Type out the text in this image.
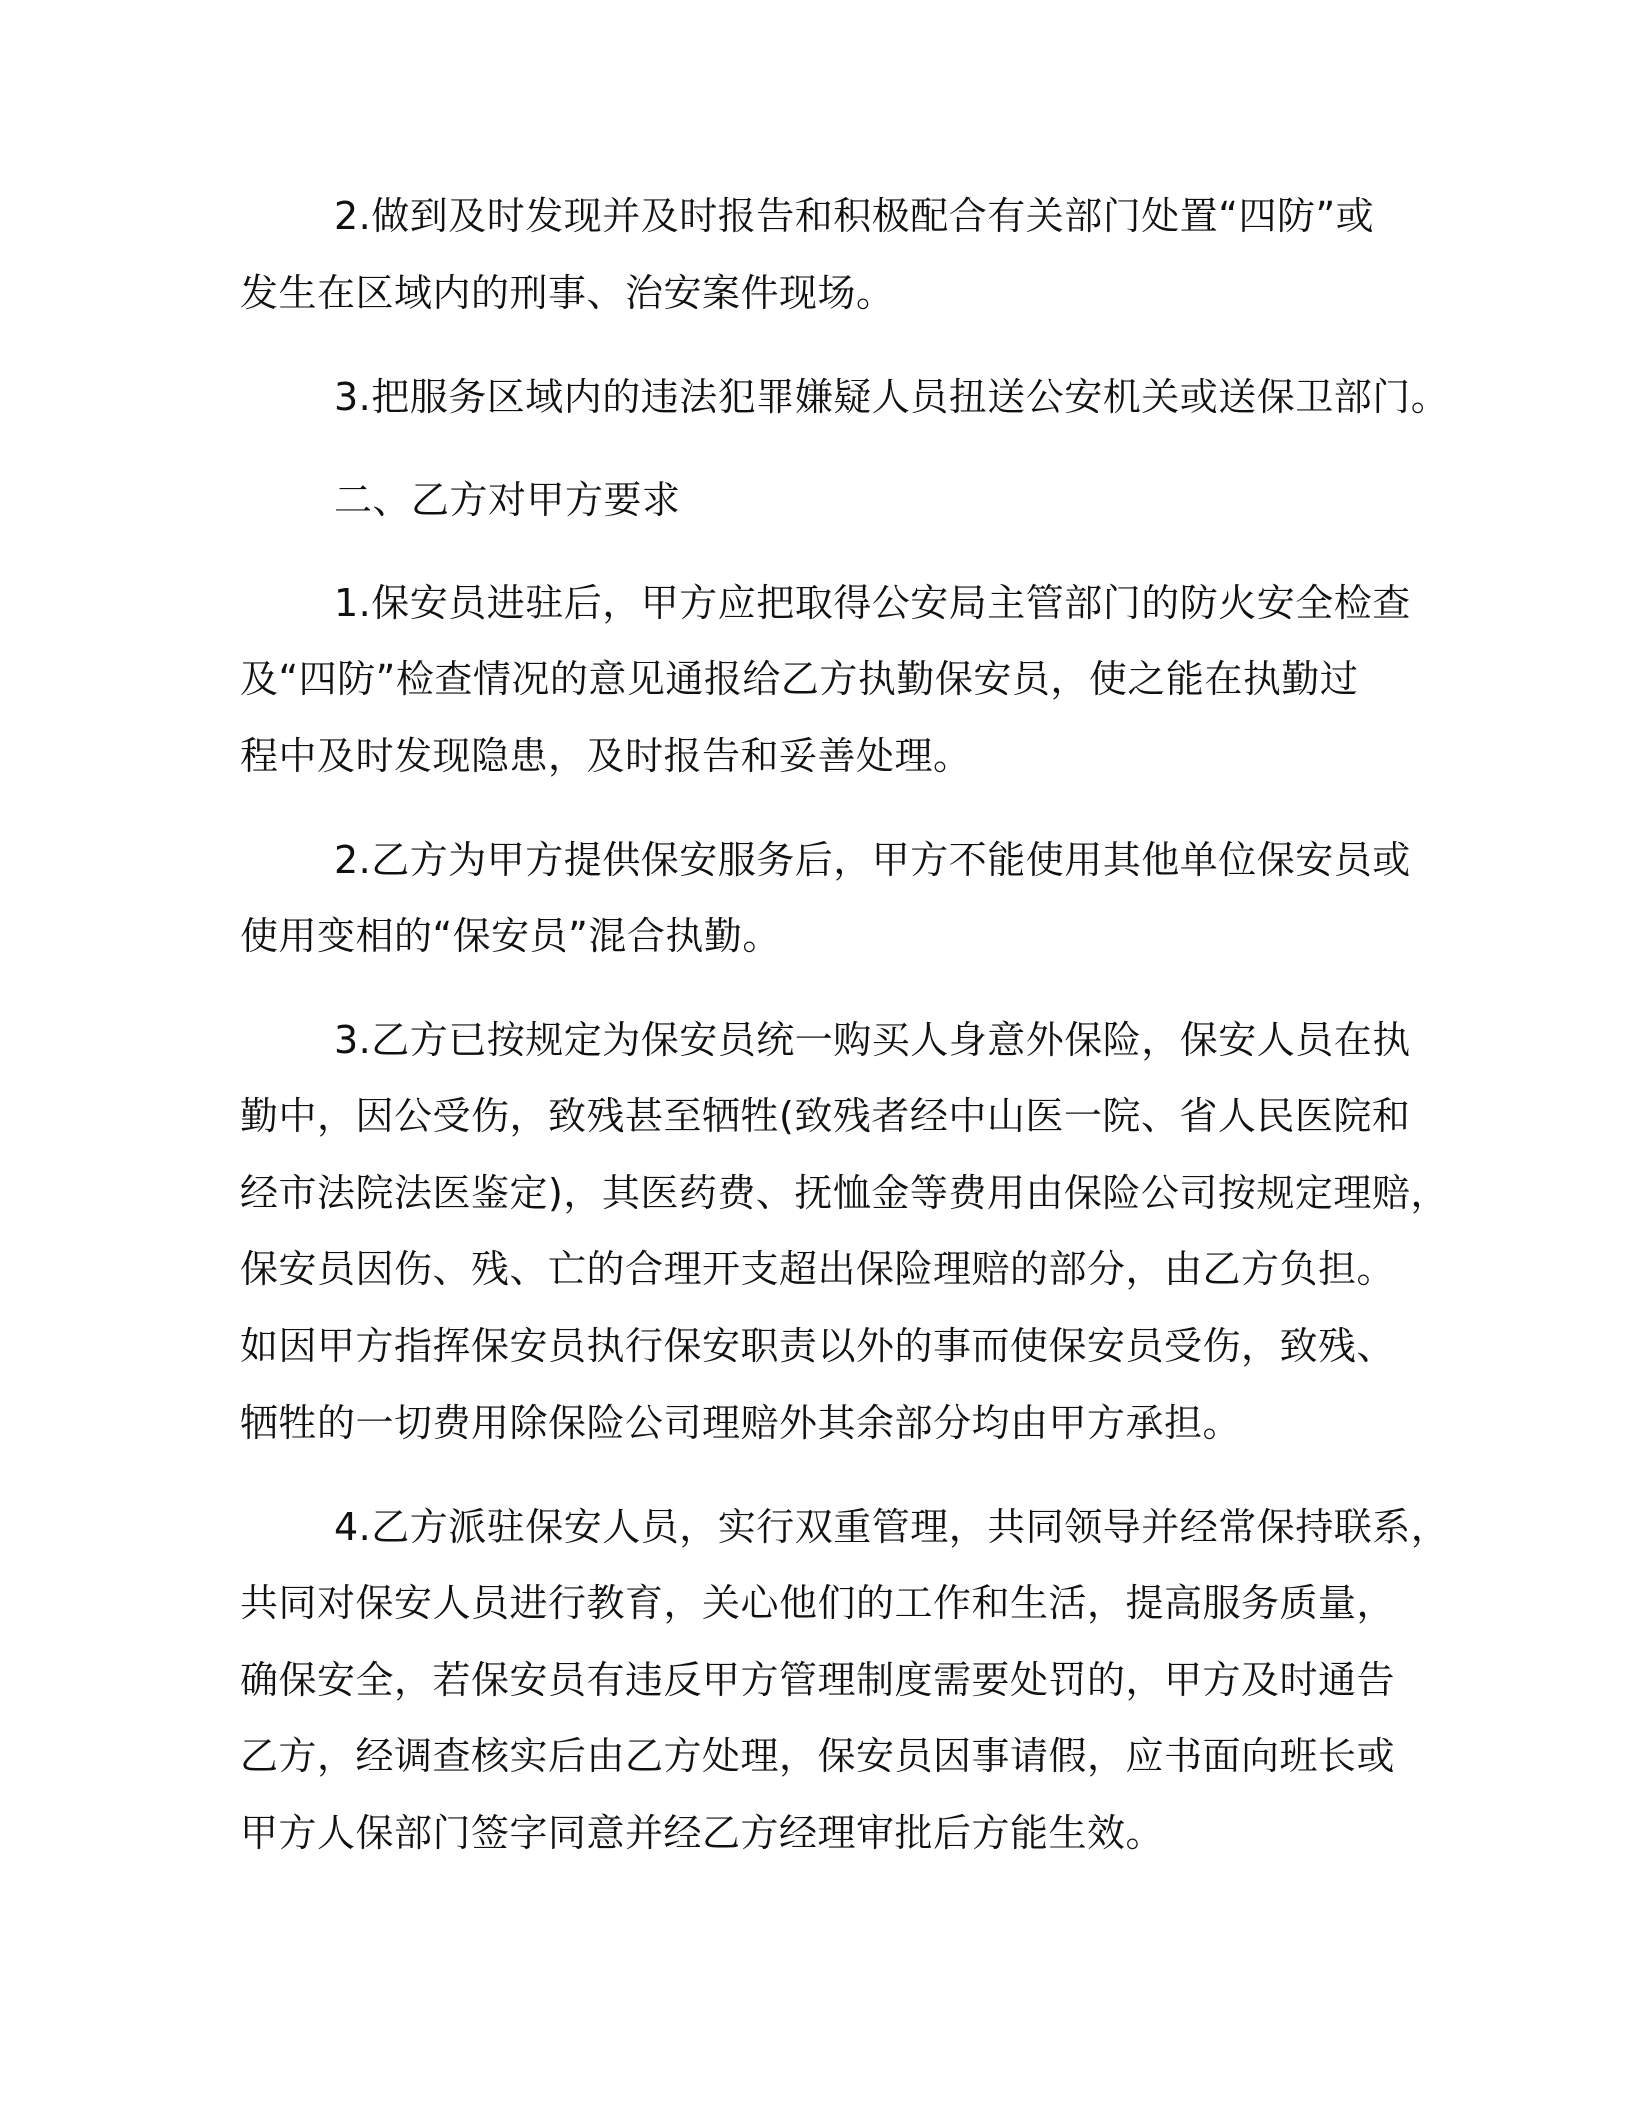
2.做到及时发现并及时报告和积极配合有关部门处置“四防”或
发生在区域内的刑事、治安案件现场。
3.把服务区域内的违法犯罪嫌疑人员扭送公安机关或送保卫部门。
二、乙方对甲方要求
1.保安员进驻后，甲方应把取得公安局主管部门的防火安全检查
及“四防”检查情况的意见通报给乙方执勤保安员，使之能在执勤过
程中及时发现隐患，及时报告和妥善处理。
2.乙方为甲方提供保安服务后，甲方不能使用其他单位保安员或
使用变相的“保安员”混合执勤。
3.乙方已按规定为保安员统一购买人身意外保险，保安人员在执
勤中，因公受伤，致残甚至牺牲(致残者经中山医一院、省人民医院和
经市法院法医鉴定)，其医药费、抚恤金等费用由保险公司按规定理赔，
保安员因伤、残、亡的合理开支超出保险理赔的部分，由乙方负担。
如因甲方指挥保安员执行保安职责以外的事而使保安员受伤，致残、
牺牲的一切费用除保险公司理赔外其余部分均由甲方承担。
4.乙方派驻保安人员，实行双重管理，共同领导并经常保持联系，
共同对保安人员进行教育，关心他们的工作和生活，提高服务质量，
确保安全，若保安员有违反甲方管理制度需要处罚的，甲方及时通告
乙方，经调查核实后由乙方处理，保安员因事请假，应书面向班长或
甲方人保部门签字同意并经乙方经理审批后方能生效。
